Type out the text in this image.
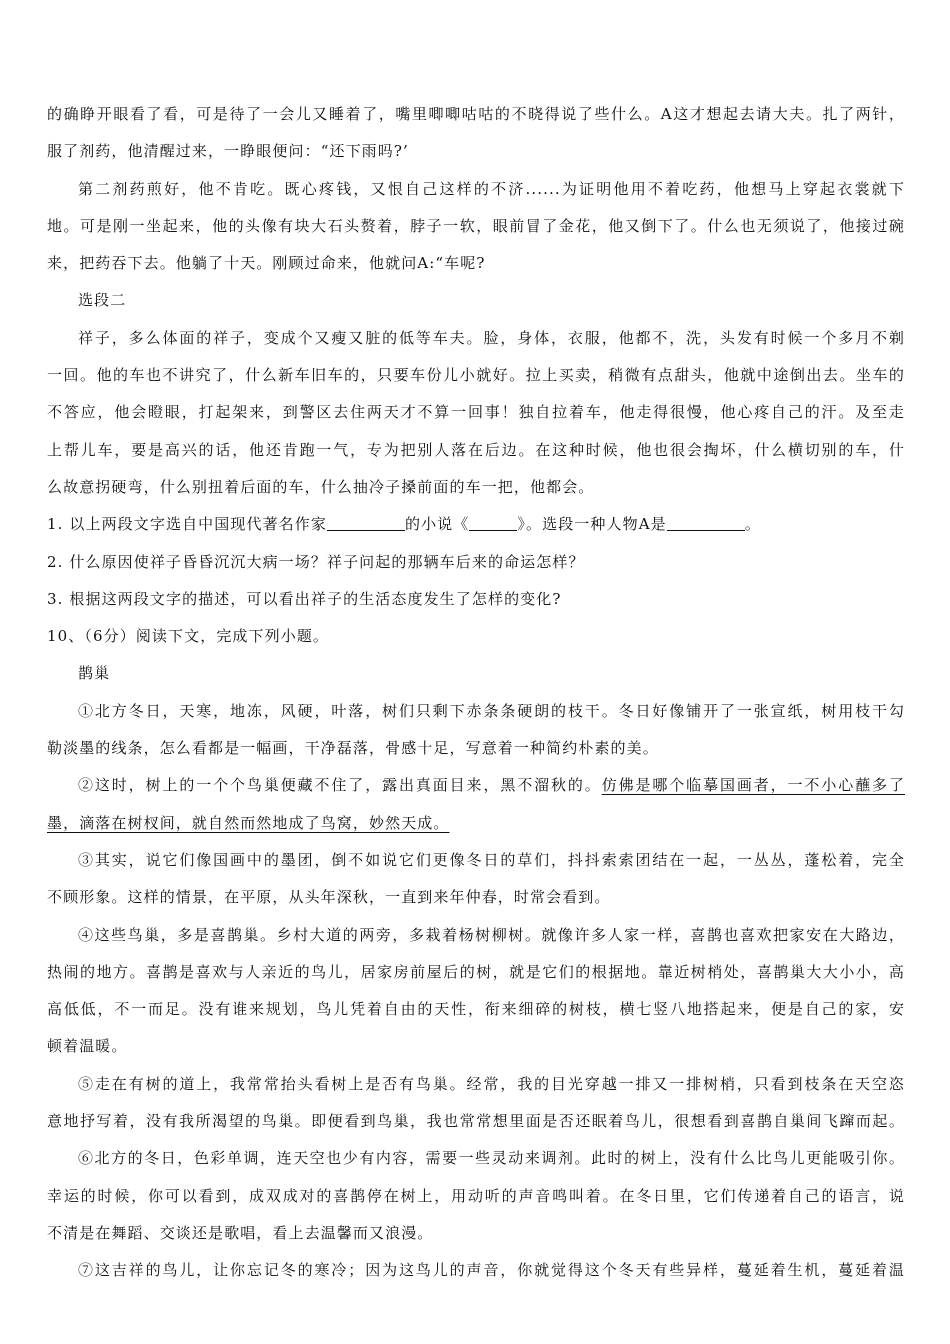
的确睁开眼看了看，可是待了一会儿又睡着了，嘴里唧唧咕咕的不晓得说了些什么。A这才想起去请大夫。扎了两针，
服了剂药，他清醒过来，一睁眼便问：“还下雨吗?’
第二剂药煎好，他不肯吃。既心疼钱，又恨自己这样的不济......为证明他用不着吃药，他想马上穿起衣裳就下
地。可是刚一坐起来，他的头像有块大石头赘着，脖子一软，眼前冒了金花，他又倒下了。什么也无须说了，他接过碗
来，把药吞下去。他躺了十天。刚顾过命来，他就问A:“车呢?
选段二
祥子，多么体面的祥子，变成个又瘦又脏的低等车夫。脸，身体，衣服，他都不，洗，头发有时候一个多月不剃
一回。他的车也不讲究了，什么新车旧车的，只要车份儿小就好。拉上买卖，稍微有点甜头，他就中途倒出去。坐车的
不答应，他会瞪眼，打起架来，到警区去住两天才不算一回事！独自拉着车，他走得很慢，他心疼自己的汗。及至走
上帮儿车，要是高兴的话，他还肯跑一气，专为把别人落在后边。在这种时候，他也很会掏坏，什么横切别的车，什
么故意拐硬弯，什么别扭着后面的车，什么抽冷子搡前面的车一把，他都会。
1. 以上两段文字选自中国现代著名作家	的小说《	》。选段一种人物A是	。
2. 什么原因使祥子昏昏沉沉大病一场？祥子问起的那辆车后来的命运怎样？
3. 根据这两段文字的描述，可以看出祥子的生活态度发生了怎样的变化?
10、（6分）阅读下文，完成下列小题。
鹊巢
①北方冬日，天寒，地冻，风硬，叶落，树们只剩下赤条条硬朗的枝干。冬日好像铺开了一张宣纸，树用枝干勾
勒淡墨的线条，怎么看都是一幅画，干净磊落，骨感十足，写意着一种简约朴素的美。
②这时，树上的一个个鸟巢便藏不住了，露出真面目来，黑不溜秋的。仿佛是哪个临摹国画者，一不小心蘸多了
墨，滴落在树杈间，就自然而然地成了鸟窝，妙然天成。
③其实，说它们像国画中的墨团，倒不如说它们更像冬日的草们，抖抖索索团结在一起，一丛丛，蓬松着，完全
不顾形象。这样的情景，在平原，从头年深秋，一直到来年仲春，时常会看到。
④这些鸟巢，多是喜鹊巢。乡村大道的两旁，多栽着杨树柳树。就像许多人家一样，喜鹊也喜欢把家安在大路边，
热闹的地方。喜鹊是喜欢与人亲近的鸟儿，居家房前屋后的树，就是它们的根据地。靠近树梢处，喜鹊巢大大小小，高
高低低，不一而足。没有谁来规划，鸟儿凭着自由的天性，衔来细碎的树枝，横七竖八地搭起来，便是自己的家，安
顿着温暖。
⑤走在有树的道上，我常常抬头看树上是否有鸟巢。经常，我的目光穿越一排又一排树梢，只看到枝条在天空恣
意地抒写着，没有我所渴望的鸟巢。即便看到鸟巢，我也常常想里面是否还眠着鸟儿，很想看到喜鹊自巢间飞蹿而起。
⑥北方的冬日，色彩单调，连天空也少有内容，需要一些灵动来调剂。此时的树上，没有什么比鸟儿更能吸引你。
幸运的时候，你可以看到，成双成对的喜鹊停在树上，用动听的声音鸣叫着。在冬日里，它们传递着自己的语言，说
不清是在舞蹈、交谈还是歌唱，看上去温馨而又浪漫。
⑦这吉祥的鸟儿，让你忘记冬的寒冷；因为这鸟儿的声音，你就觉得这个冬天有些异样，蔓延着生机，蔓延着温
